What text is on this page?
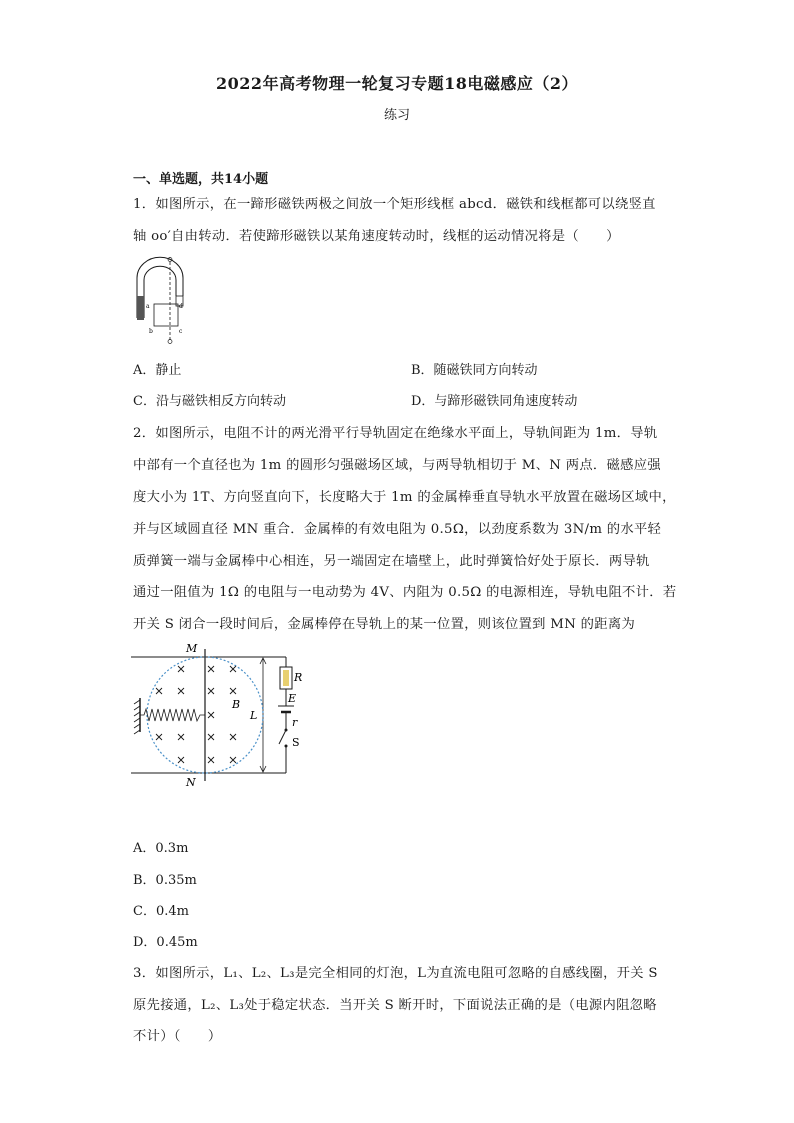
2022年高考物理一轮复习专题18电磁感应（2）
练习
一、单选题，共14小题
1．如图所示，在一蹄形磁铁两极之间放一个矩形线框 abcd．磁铁和线框都可以绕竖直
轴 oo′自由转动．若使蹄形磁铁以某角速度转动时，线框的运动情况将是（　　）
a
b	c
d
A．静止	B．随磁铁同方向转动
C．沿与磁铁相反方向转动	D．与蹄形磁铁同角速度转动
2．如图所示，电阻不计的两光滑平行导轨固定在绝缘水平面上，导轨间距为 1m．导轨
中部有一个直径也为 1m 的圆形匀强磁场区域，与两导轨相切于 M、N 两点．磁感应强
度大小为 1T、方向竖直向下，长度略大于 1m 的金属棒垂直导轨水平放置在磁场区域中，
并与区域圆直径 MN 重合．金属棒的有效电阻为 0.5Ω，以劲度系数为 3N/m 的水平轻
质弹簧一端与金属棒中心相连，另一端固定在墙壁上，此时弹簧恰好处于原长．两导轨
通过一阻值为 1Ω 的电阻与一电动势为 4V、内阻为 0.5Ω 的电源相连，导轨电阻不计．若
开关 S 闭合一段时间后，金属棒停在导轨上的某一位置，则该位置到 MN 的距离为
M
N
B
L
R
E
r
S
A．0.3m
B．0.35m
C．0.4m
D．0.45m
3．如图所示，L₁、L₂、L₃是完全相同的灯泡，L为直流电阻可忽略的自感线圈，开关 S
原先接通，L₂、L₃处于稳定状态．当开关 S 断开时，下面说法正确的是（电源内阻忽略
不计）（　　）
